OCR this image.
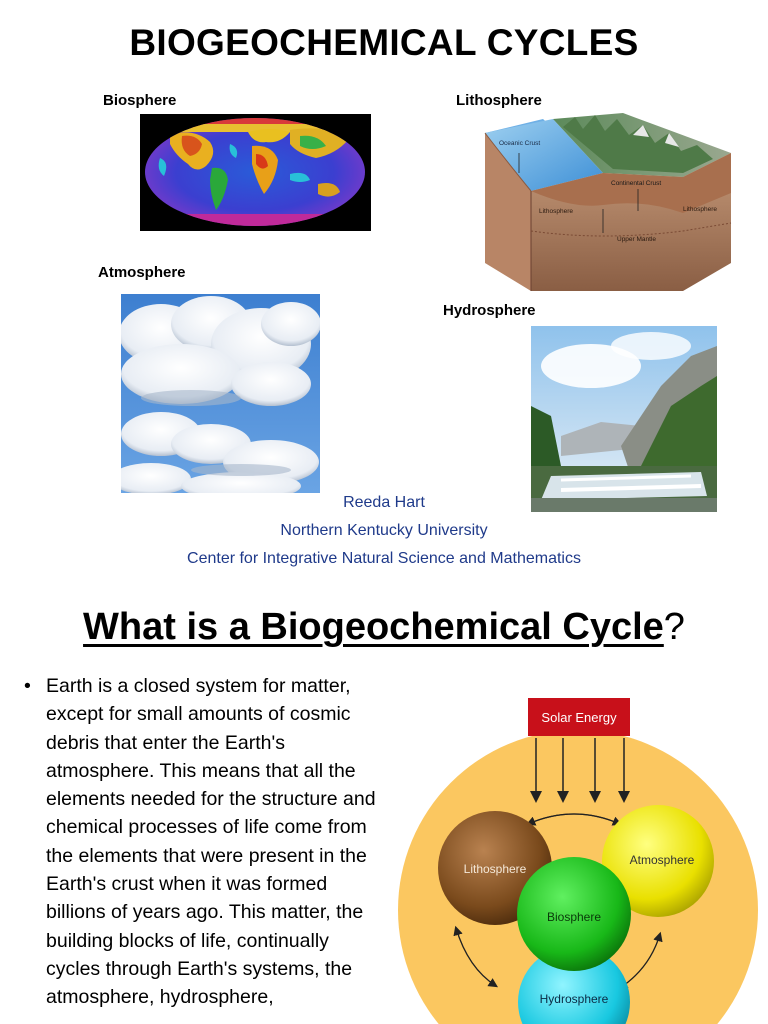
BIOGEOCHEMICAL CYCLES
Biosphere	Lithosphere
Atmosphere
Hydrosphere
Oceanic Crust
Continental Crust
Lithosphere	Lithosphere
Upper Mantle
Reeda Hart
Northern Kentucky University
Center for Integrative Natural Science and Mathematics
What is a Biogeochemical Cycle?
• Earth is a closed system for matter, except for small amounts of cosmic debris that enter the Earth's atmosphere. This means that all the elements needed for the structure and chemical processes of life come from the elements that were present in the Earth's crust when it was formed billions of years ago. This matter, the building blocks of life, continually cycles through Earth's systems, the atmosphere, hydrosphere,
Solar Energy
Lithosphere
Atmosphere
Biosphere
Hydrosphere
